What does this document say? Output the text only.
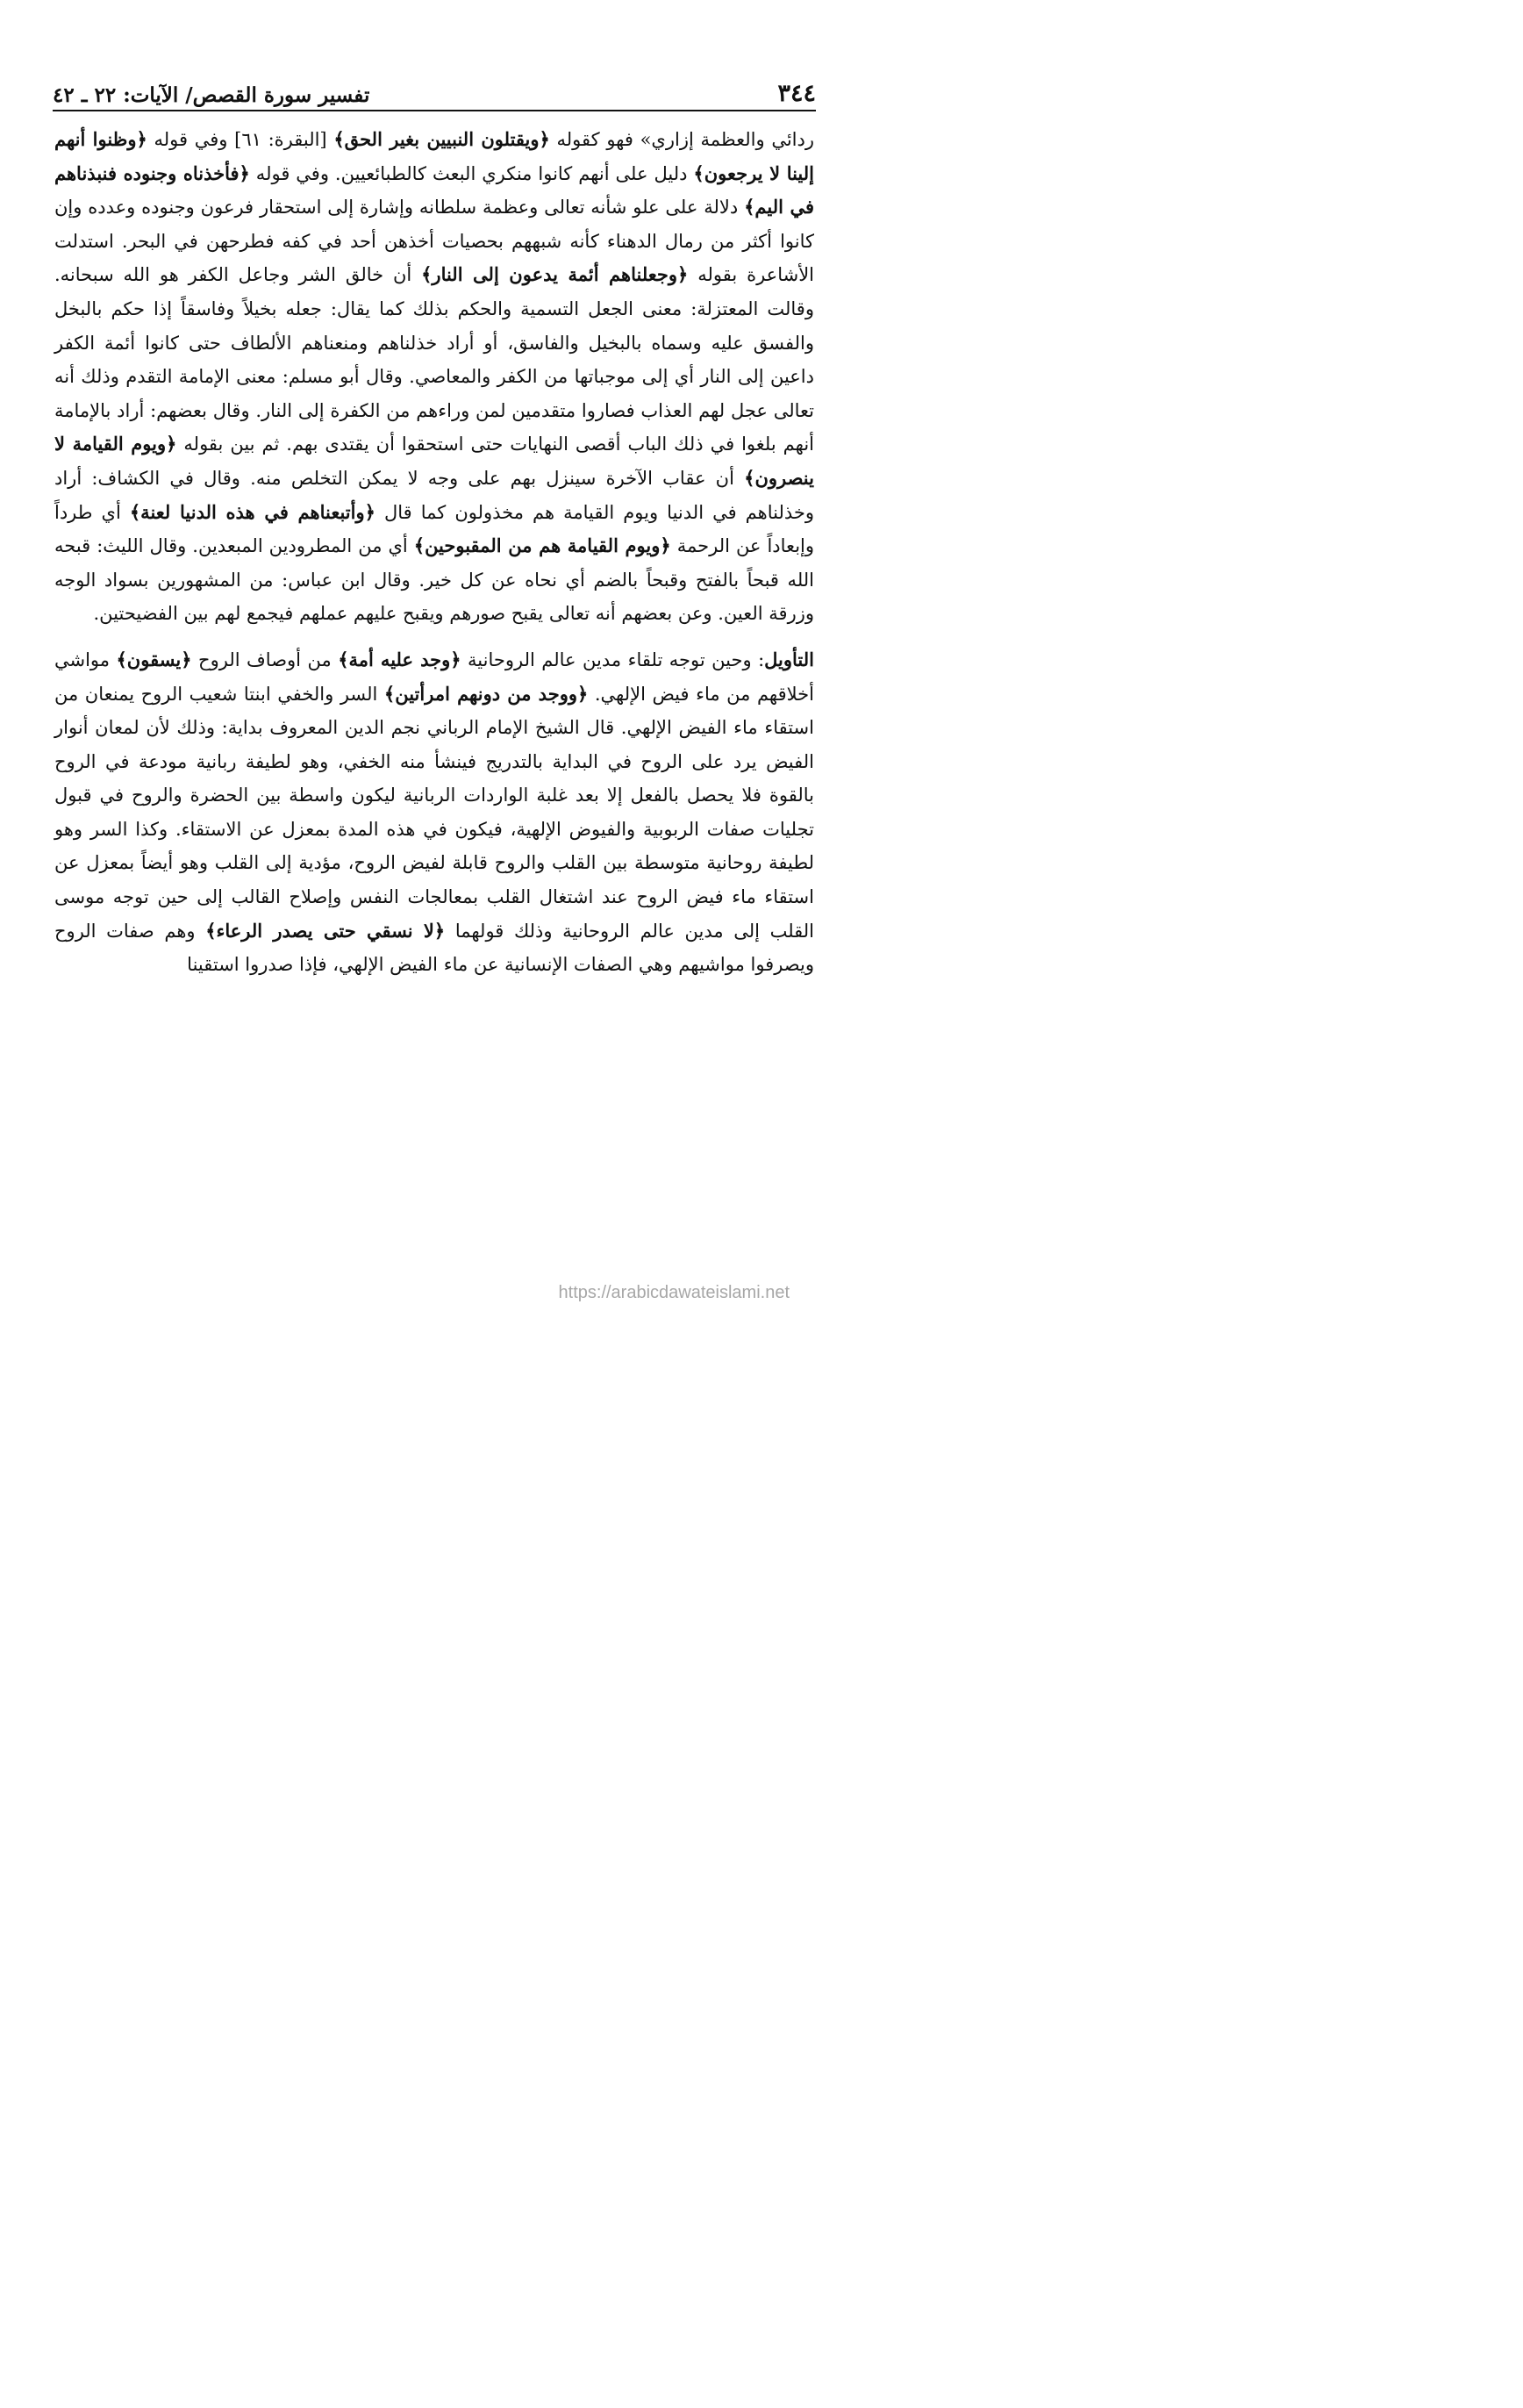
٣٤٤
تفسير سورة القصص/ الآيات: ٢٢ ـ ٤٢

ردائي والعظمة إزاري» فهو كقوله ﴿ويقتلون النبيين بغير الحق﴾ [البقرة: ٦١] وفي قوله ﴿وظنوا أنهم إلينا لا يرجعون﴾ دليل على أنهم كانوا منكري البعث كالطبائعيين. وفي قوله ﴿فأخذناه وجنوده فنبذناهم في اليم﴾ دلالة على علو شأنه تعالى وعظمة سلطانه وإشارة إلى استحقار فرعون وجنوده وعدده وإن كانوا أكثر من رمال الدهناء كأنه شبههم بحصيات أخذهن أحد في كفه فطرحهن في البحر. استدلت الأشاعرة بقوله ﴿وجعلناهم أئمة يدعون إلى النار﴾ أن خالق الشر وجاعل الكفر هو الله سبحانه. وقالت المعتزلة: معنى الجعل التسمية والحكم بذلك كما يقال: جعله بخيلاً وفاسقاً إذا حكم بالبخل والفسق عليه وسماه بالبخيل والفاسق، أو أراد خذلناهم ومنعناهم الألطاف حتى كانوا أئمة الكفر داعين إلى النار أي إلى موجباتها من الكفر والمعاصي. وقال أبو مسلم: معنى الإمامة التقدم وذلك أنه تعالى عجل لهم العذاب فصاروا متقدمين لمن وراءهم من الكفرة إلى النار. وقال بعضهم: أراد بالإمامة أنهم بلغوا في ذلك الباب أقصى النهايات حتى استحقوا أن يقتدى بهم. ثم بين بقوله ﴿ويوم القيامة لا ينصرون﴾ أن عقاب الآخرة سينزل بهم على وجه لا يمكن التخلص منه. وقال في الكشاف: أراد وخذلناهم في الدنيا ويوم القيامة هم مخذولون كما قال ﴿وأتبعناهم في هذه الدنيا لعنة﴾ أي طرداً وإبعاداً عن الرحمة ﴿ويوم القيامة هم من المقبوحين﴾ أي من المطرودين المبعدين. وقال الليث: قبحه الله قبحاً بالفتح وقبحاً بالضم أي نحاه عن كل خير. وقال ابن عباس: من المشهورين بسواد الوجه وزرقة العين. وعن بعضهم أنه تعالى يقبح صورهم ويقبح عليهم عملهم فيجمع لهم بين الفضيحتين.

التأويل: وحين توجه تلقاء مدين عالم الروحانية ﴿وجد عليه أمة﴾ من أوصاف الروح ﴿يسقون﴾ مواشي أخلاقهم من ماء فيض الإلهي. ﴿ووجد من دونهم امرأتين﴾ السر والخفي ابنتا شعيب الروح يمنعان من استقاء ماء الفيض الإلهي. قال الشيخ الإمام الرباني نجم الدين المعروف بداية: وذلك لأن لمعان أنوار الفيض يرد على الروح في البداية بالتدريج فينشأ منه الخفي، وهو لطيفة ربانية مودعة في الروح بالقوة فلا يحصل بالفعل إلا بعد غلبة الواردات الربانية ليكون واسطة بين الحضرة والروح في قبول تجليات صفات الربوبية والفيوض الإلهية، فيكون في هذه المدة بمعزل عن الاستقاء. وكذا السر وهو لطيفة روحانية متوسطة بين القلب والروح قابلة لفيض الروح، مؤدية إلى القلب وهو أيضاً بمعزل عن استقاء ماء فيض الروح عند اشتغال القلب بمعالجات النفس وإصلاح القالب إلى حين توجه موسى القلب إلى مدين عالم الروحانية وذلك قولهما ﴿لا نسقي حتى يصدر الرعاء﴾ وهم صفات الروح ويصرفوا مواشيهم وهي الصفات الإنسانية عن ماء الفيض الإلهي، فإذا صدروا استقينا

https://arabicdawateislami.net
